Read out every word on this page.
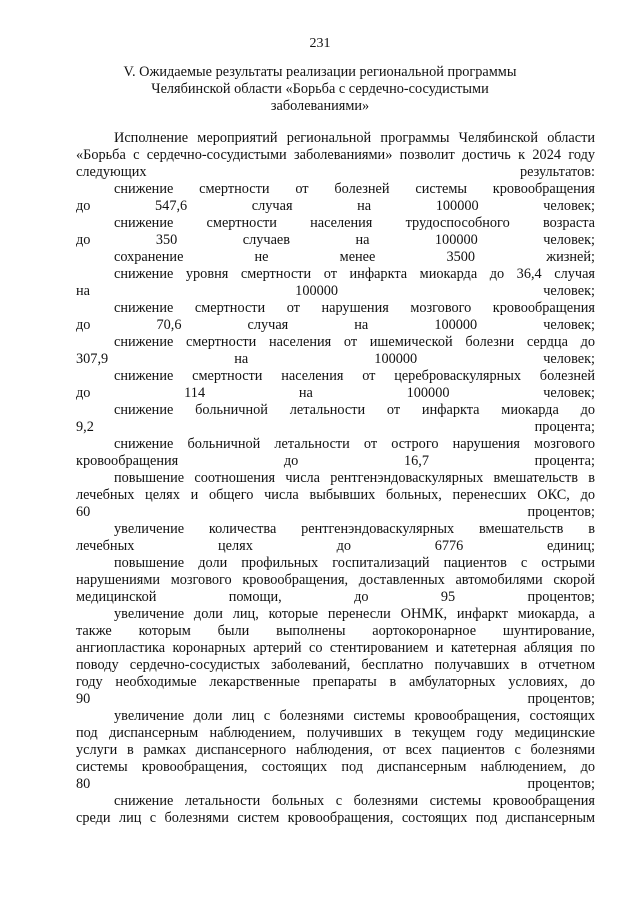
231
V. Ожидаемые результаты реализации региональной программы
Челябинской области «Борьба с сердечно-сосудистыми
заболеваниями»
Исполнение мероприятий региональной программы Челябинской области
«Борьба с сердечно-сосудистыми заболеваниями» позволит достичь к 2024 году
следующих результатов:
снижение смертности от болезней системы кровообращения
до 547,6 случая на 100000 человек;
снижение смертности населения трудоспособного возраста
до 350 случаев на 100000 человек;
сохранение не менее 3500 жизней;
снижение уровня смертности от инфаркта миокарда до 36,4 случая
на 100000 человек;
снижение смертности от нарушения мозгового кровообращения
до 70,6 случая на 100000 человек;
снижение смертности населения от ишемической болезни сердца до
307,9 на 100000 человек;
снижение смертности населения от цереброваскулярных болезней
до 114 на 100000 человек;
снижение больничной летальности от инфаркта миокарда до
9,2 процента;
снижение больничной летальности от острого нарушения мозгового
кровообращения до 16,7 процента;
повышение соотношения числа рентгенэндоваскулярных вмешательств в
лечебных целях и общего числа выбывших больных, перенесших ОКС, до
60 процентов;
увеличение количества рентгенэндоваскулярных вмешательств в
лечебных целях до 6776 единиц;
повышение доли профильных госпитализаций пациентов с острыми
нарушениями мозгового кровообращения, доставленных автомобилями скорой
медицинской помощи, до 95 процентов;
увеличение доли лиц, которые перенесли ОНМК, инфаркт миокарда, а
также которым были выполнены аортокоронарное шунтирование,
ангиопластика коронарных артерий со стентированием и катетерная абляция по
поводу сердечно-сосудистых заболеваний, бесплатно получавших в отчетном
году необходимые лекарственные препараты в амбулаторных условиях, до
90 процентов;
увеличение доли лиц с болезнями системы кровообращения, состоящих
под диспансерным наблюдением, получивших в текущем году медицинские
услуги в рамках диспансерного наблюдения, от всех пациентов с болезнями
системы кровообращения, состоящих под диспансерным наблюдением, до
80 процентов;
снижение летальности больных с болезнями системы кровообращения
среди лиц с болезнями систем кровообращения, состоящих под диспансерным
